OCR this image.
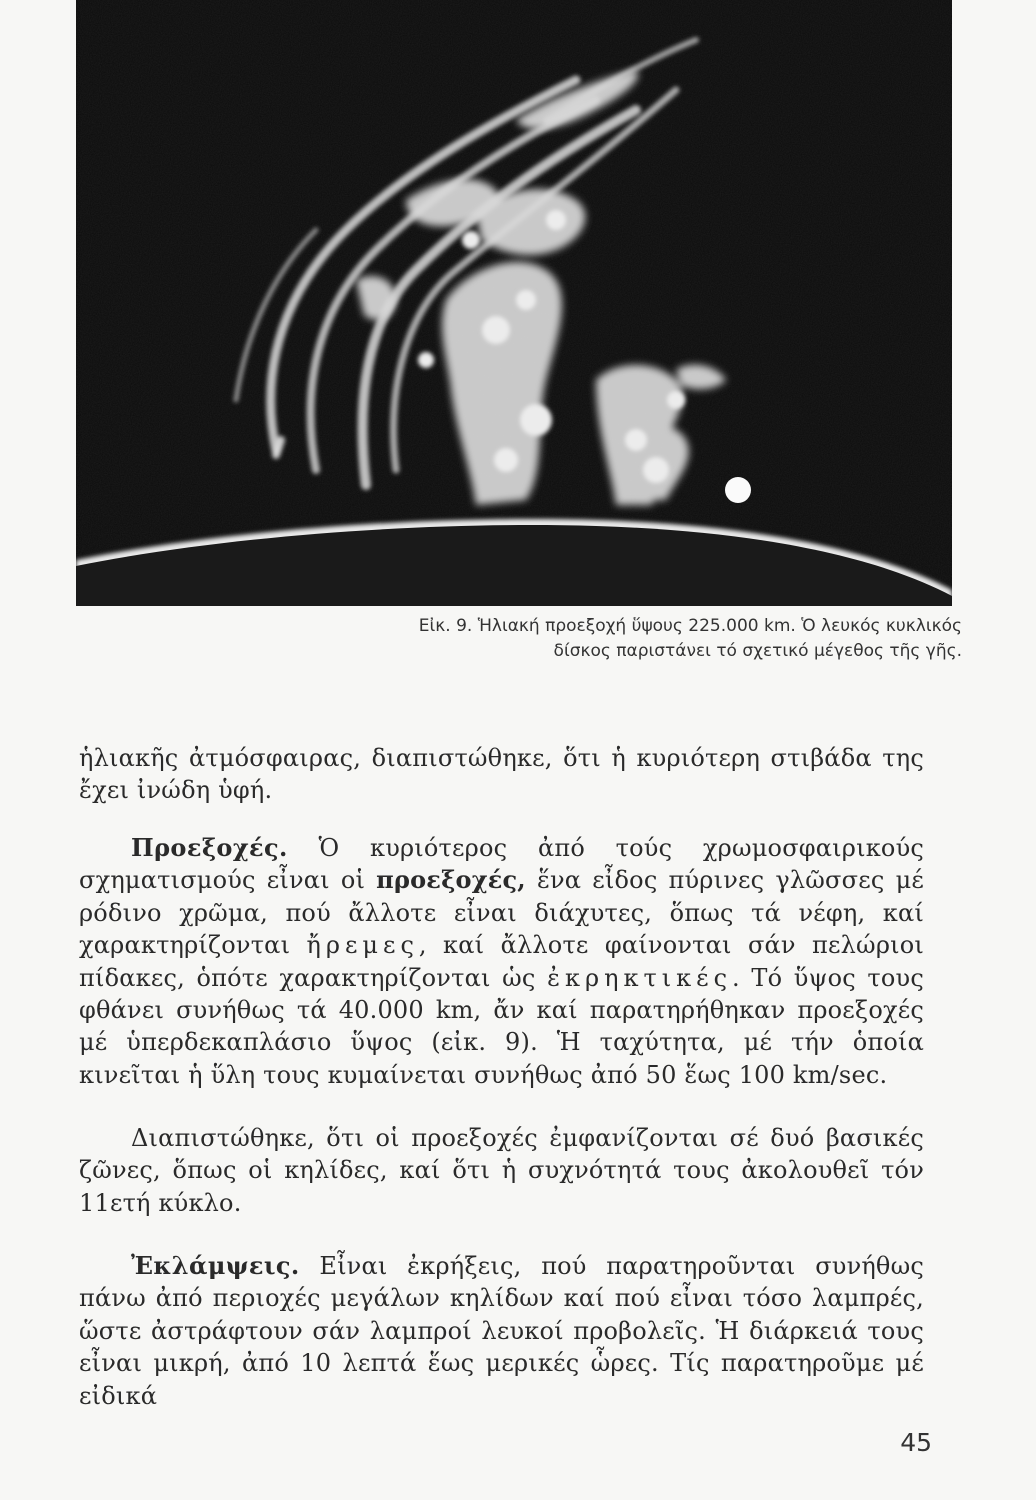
Εἰκ. 9. Ἡλιακή προεξοχή ὕψους 225.000 km. Ὁ λευκός κυκλικός
δίσκος παριστάνει τό σχετικό μέγεθος τῆς γῆς.
ἡλιακῆς ἀτμόσφαιρας, διαπιστώθηκε, ὅτι ἡ κυριότερη στιβάδα της ἔχει ἰνώδη ὑφή.
Προεξοχές. Ὁ κυριότερος ἀπό τούς χρωμοσφαιρικούς σχηματισμούς εἶναι οἱ προεξοχές, ἕνα εἶδος πύρινες γλῶσσες μέ ρόδινο χρῶμα, πού ἄλλοτε εἶναι διάχυτες, ὅπως τά νέφη, καί χαρακτηρίζονται ἤρεμες, καί ἄλλοτε φαίνονται σάν πελώριοι πίδακες, ὁπότε χαρακτηρίζονται ὡς ἐκρηκτικές. Τό ὕψος τους φθάνει συνήθως τά 40.000 km, ἄν καί παρατηρήθηκαν προεξοχές μέ ὑπερδεκαπλάσιο ὕψος (εἰκ. 9). Ἡ ταχύτητα, μέ τήν ὁποία κινεῖται ἡ ὕλη τους κυμαίνεται συνήθως ἀπό 50 ἕως 100 km/sec.
Διαπιστώθηκε, ὅτι οἱ προεξοχές ἐμφανίζονται σέ δυό βασικές ζῶνες, ὅπως οἱ κηλίδες, καί ὅτι ἡ συχνότητά τους ἀκολουθεῖ τόν 11ετή κύκλο.
Ἐκλάμψεις. Εἶναι ἐκρήξεις, πού παρατηροῦνται συνήθως πάνω ἀπό περιοχές μεγάλων κηλίδων καί πού εἶναι τόσο λαμπρές, ὥστε ἀστράφτουν σάν λαμπροί λευκοί προβολεῖς. Ἡ διάρκειά τους εἶναι μικρή, ἀπό 10 λεπτά ἕως μερικές ὧρες. Τίς παρατηροῦμε μέ εἰδικά
45
